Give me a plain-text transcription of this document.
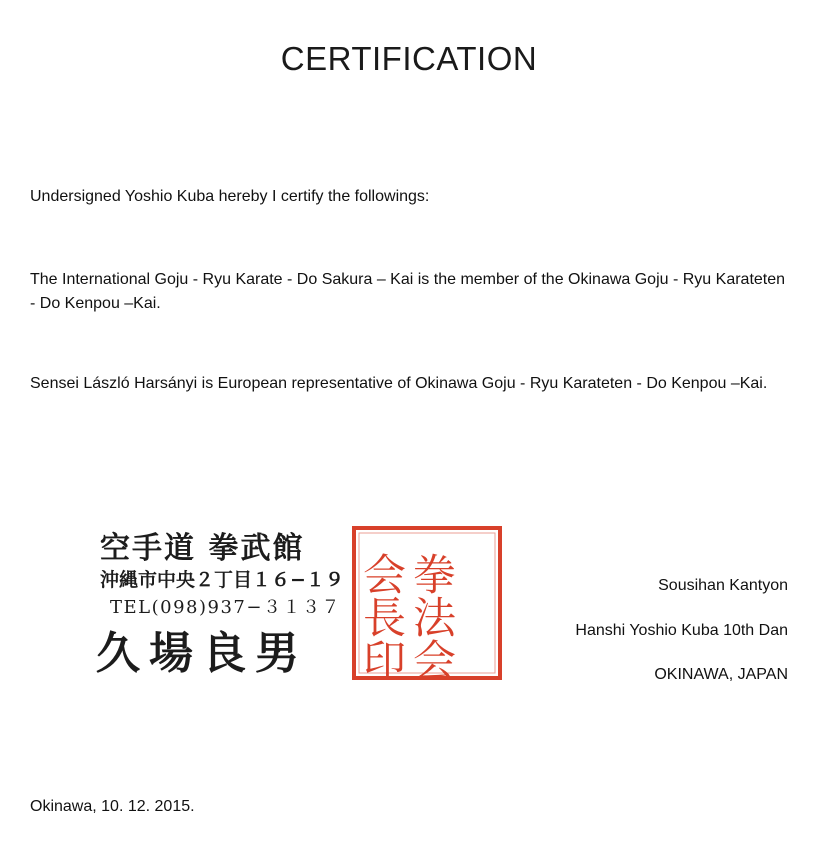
CERTIFICATION

Undersigned Yoshio Kuba hereby I certify the followings:

The International Goju - Ryu Karate - Do Sakura – Kai is the member of the Okinawa Goju - Ryu Karateten - Do Kenpou –Kai.

Sensei László Harsányi is European representative of Okinawa Goju - Ryu Karateten - Do Kenpou –Kai.

空手道 拳武館
沖縄市中央２丁目１６−１９
TEL(098)937−３１３７
久場良男 拳法会
会長印	Sousihan Kantyon

Hanshi Yoshio Kuba 10th Dan

OKINAWA, JAPAN

Okinawa, 10. 12. 2015.
